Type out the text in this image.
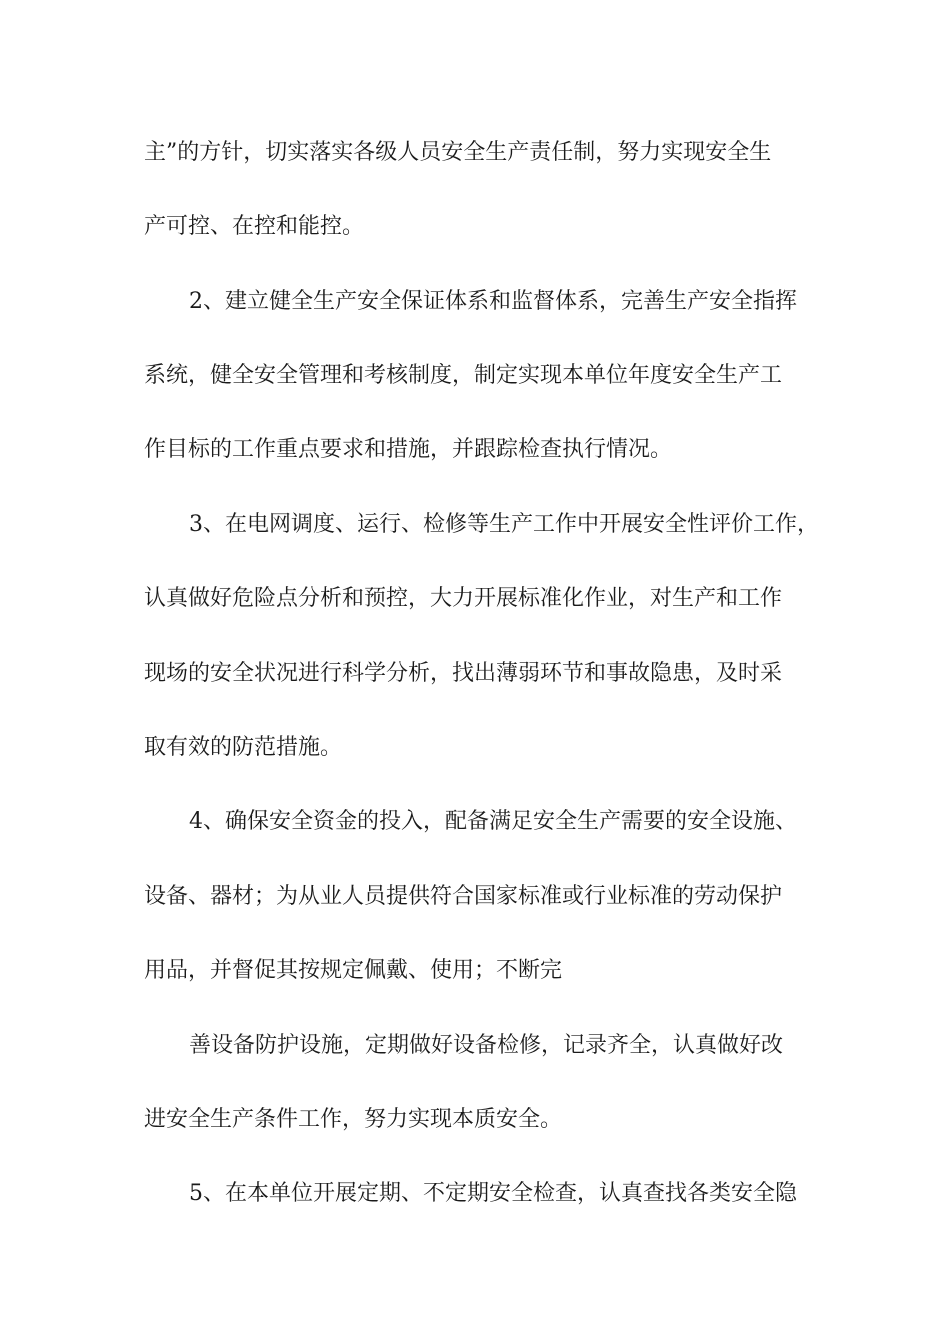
主”的方针，切实落实各级人员安全生产责任制，努力实现安全生
产可控、在控和能控。
2、建立健全生产安全保证体系和监督体系，完善生产安全指挥
系统，健全安全管理和考核制度，制定实现本单位年度安全生产工
作目标的工作重点要求和措施，并跟踪检查执行情况。
3、在电网调度、运行、检修等生产工作中开展安全性评价工作，
认真做好危险点分析和预控，大力开展标准化作业，对生产和工作
现场的安全状况进行科学分析，找出薄弱环节和事故隐患，及时采
取有效的防范措施。
4、确保安全资金的投入，配备满足安全生产需要的安全设施、
设备、器材；为从业人员提供符合国家标准或行业标准的劳动保护
用品，并督促其按规定佩戴、使用；不断完
善设备防护设施，定期做好设备检修，记录齐全，认真做好改
进安全生产条件工作，努力实现本质安全。
5、在本单位开展定期、不定期安全检查，认真查找各类安全隐
